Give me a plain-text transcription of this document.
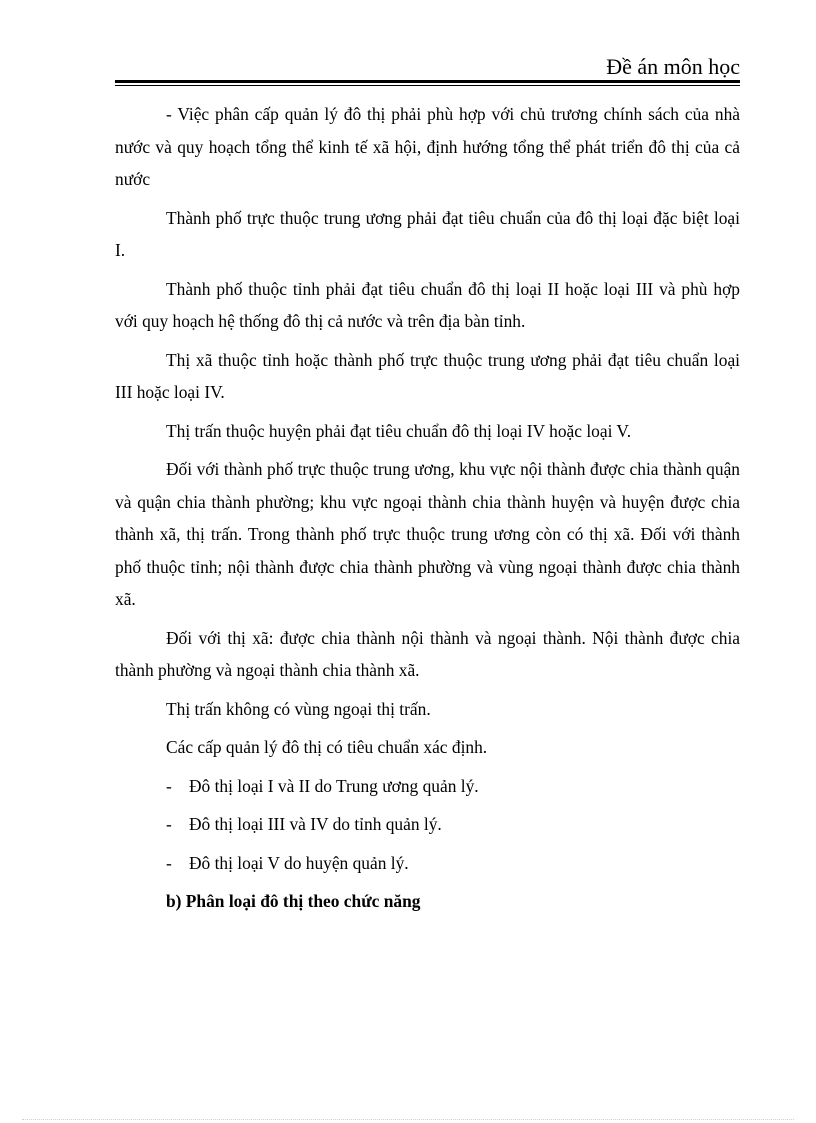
Đề án môn học

- Việc phân cấp quản lý đô thị phải phù hợp với chủ trương chính sách của nhà nước và quy hoạch tổng thể kinh tế xã hội, định hướng tổng thể phát triển đô thị của cả nước

Thành phố trực thuộc trung ương phải đạt tiêu chuẩn của đô thị loại đặc biệt loại I.

Thành phố thuộc tỉnh phải đạt tiêu chuẩn đô thị loại II hoặc loại III và phù hợp với quy hoạch hệ thống đô thị cả nước và trên địa bàn tỉnh.

Thị xã thuộc tỉnh hoặc thành phố trực thuộc trung ương phải đạt tiêu chuẩn loại III hoặc loại IV.

Thị trấn thuộc huyện phải đạt tiêu chuẩn đô thị loại IV hoặc loại V.

Đối với thành phố trực thuộc trung ương, khu vực nội thành được chia thành quận và quận chia thành phường; khu vực ngoại thành chia thành huyện và huyện được chia thành xã, thị trấn. Trong thành phố trực thuộc trung ương còn có thị xã. Đối với thành phố thuộc tỉnh; nội thành được chia thành phường và vùng ngoại thành được chia thành xã.

Đối với thị xã: được chia thành nội thành và ngoại thành. Nội thành được chia thành phường và ngoại thành chia thành xã.

Thị trấn không có vùng ngoại thị trấn.

Các cấp quản lý đô thị có tiêu chuẩn xác định.

- Đô thị loại I và II do Trung ương quản lý.
- Đô thị loại III và IV do tỉnh quản lý.
- Đô thị loại V do huyện quản lý.

b) Phân loại đô thị theo chức năng
